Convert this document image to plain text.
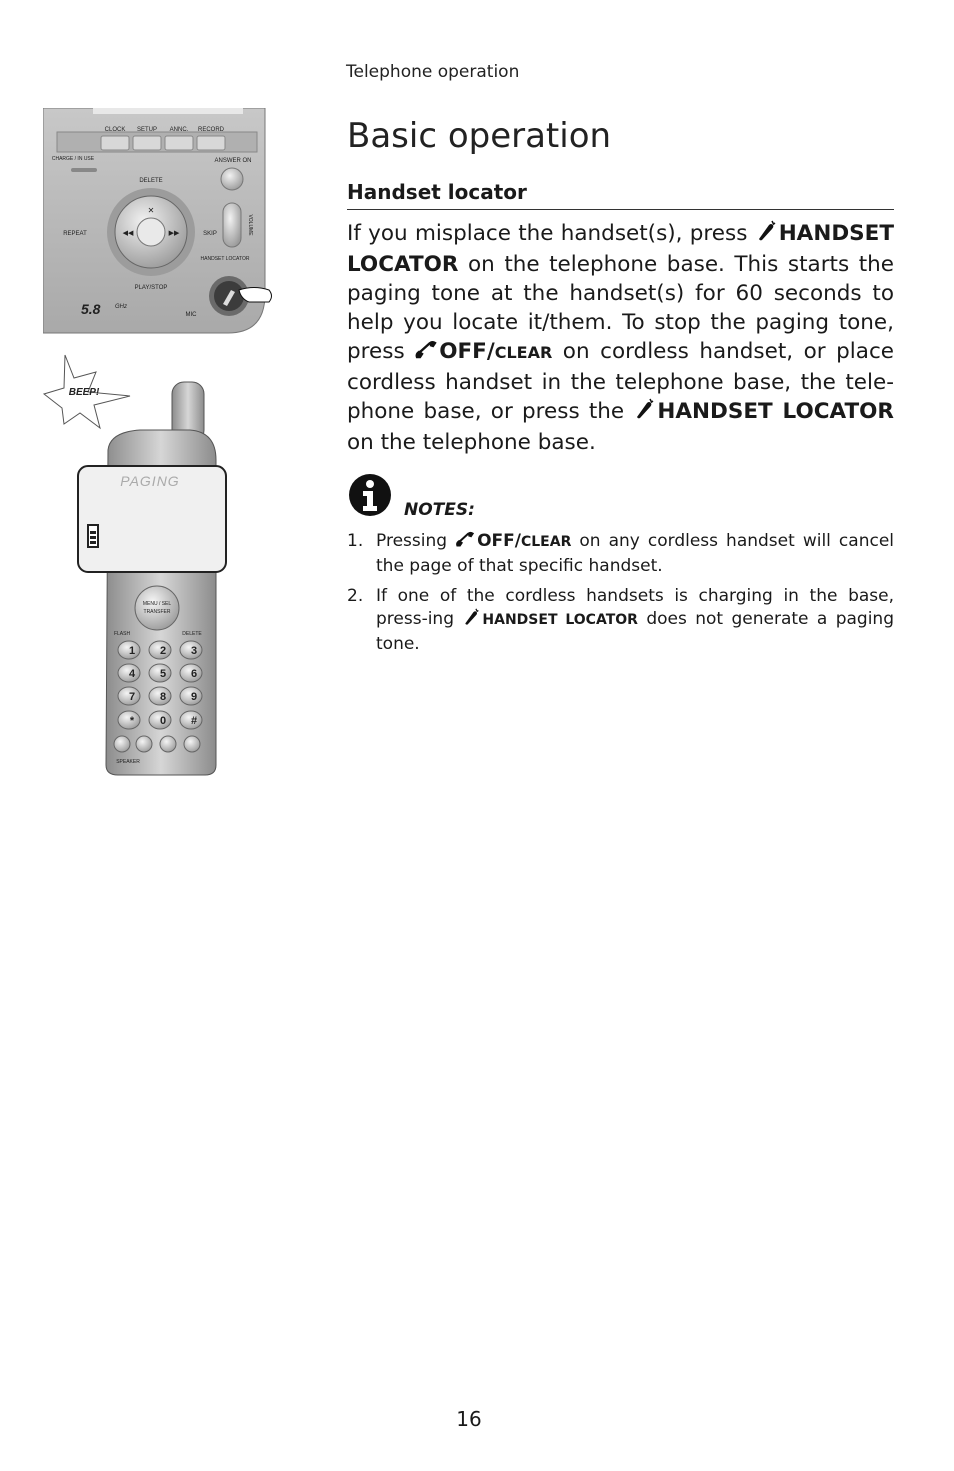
Telephone operation
Basic operation
Handset locator
If you misplace the handset(s), press HANDSET LOCATOR on the telephone base. This starts the paging tone at the handset(s) for 60 seconds to help you locate it/them. To stop the paging tone, press OFF/CLEAR on cordless handset, or place cordless handset in the telephone base, the tele-phone base, or press the HANDSET LOCATOR on the telephone base.
NOTES:
1. Pressing OFF/CLEAR on any cordless handset will cancel the page of that specific handset.
2. If one of the cordless handsets is charging in the base, press-ing HANDSET LOCATOR does not generate a paging tone.
CLOCK SETUP ANNC. RECORD
CHARGE / IN USE	ANSWER ON
DELETE
✕
◀◀	▶▶
REPEAT	SKIP	VOLUME
PLAY/STOP
HANDSET LOCATOR
5.8 GHz
MIC
BEEP!
PAGING
MENU / SEL
TRANSFER
FLASH	DELETE
1 2 3
4 5 6
7 8 9
* 0 #
SPEAKER
16
